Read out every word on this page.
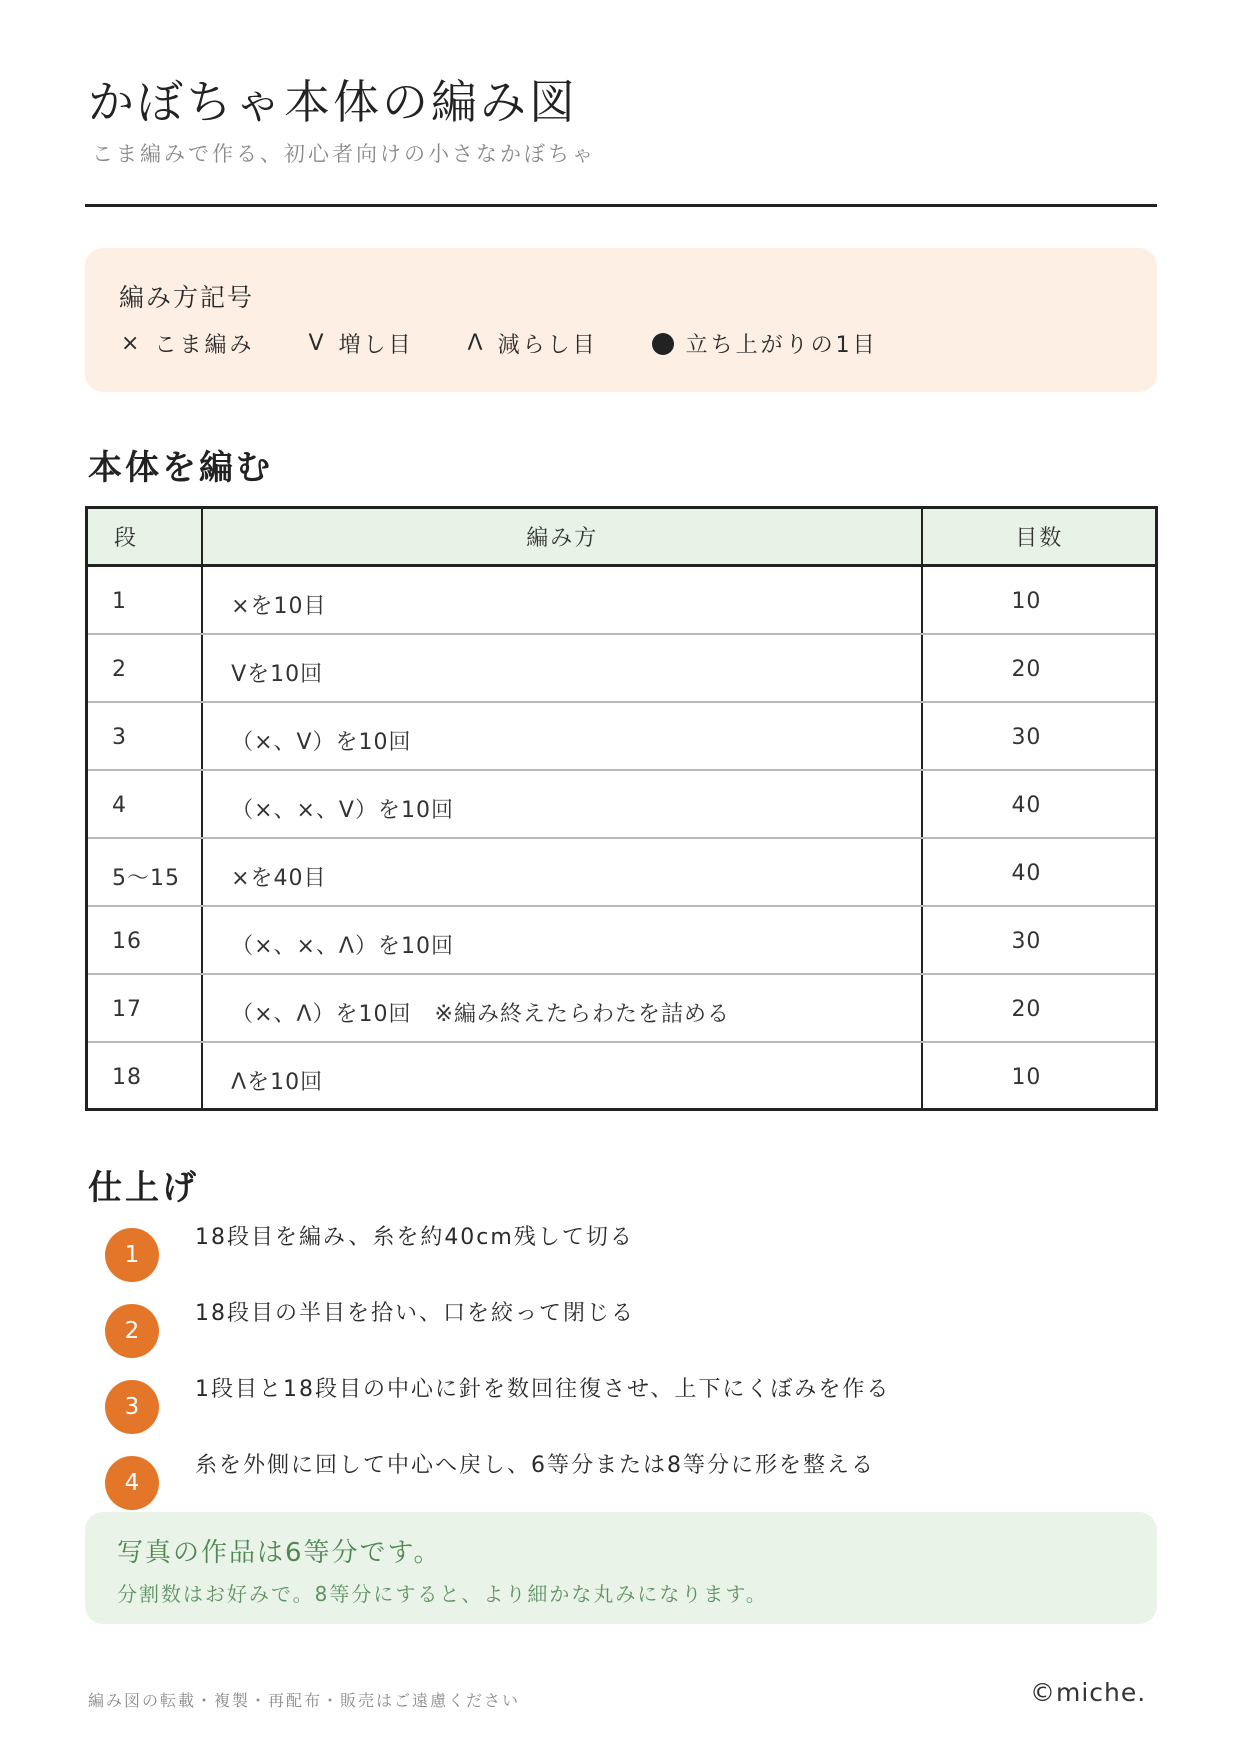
かぼちゃ本体の編み図
こま編みで作る、初心者向けの小さなかぼちゃ
編み方記号
× こま編み V 増し目 Λ 減らし目	立ち上がりの1目
本体を編む
段	編み方	目数
1	×を10目	10
2	Vを10回	20
3	（×、V）を10回	30
4	（×、×、V）を10回	40
5〜15	×を40目	40
16	（×、×、Λ）を10回	30
17	（×、Λ）を10回　※編み終えたらわたを詰める	20
18	Λを10回	10
仕上げ
1
18段目を編み、糸を約40cm残して切る
2
18段目の半目を拾い、口を絞って閉じる
3
1段目と18段目の中心に針を数回往復させ、上下にくぼみを作る
4
糸を外側に回して中心へ戻し、6等分または8等分に形を整える
写真の作品は6等分です。
分割数はお好みで。8等分にすると、より細かな丸みになります。
編み図の転載・複製・再配布・販売はご遠慮ください	©miche.
